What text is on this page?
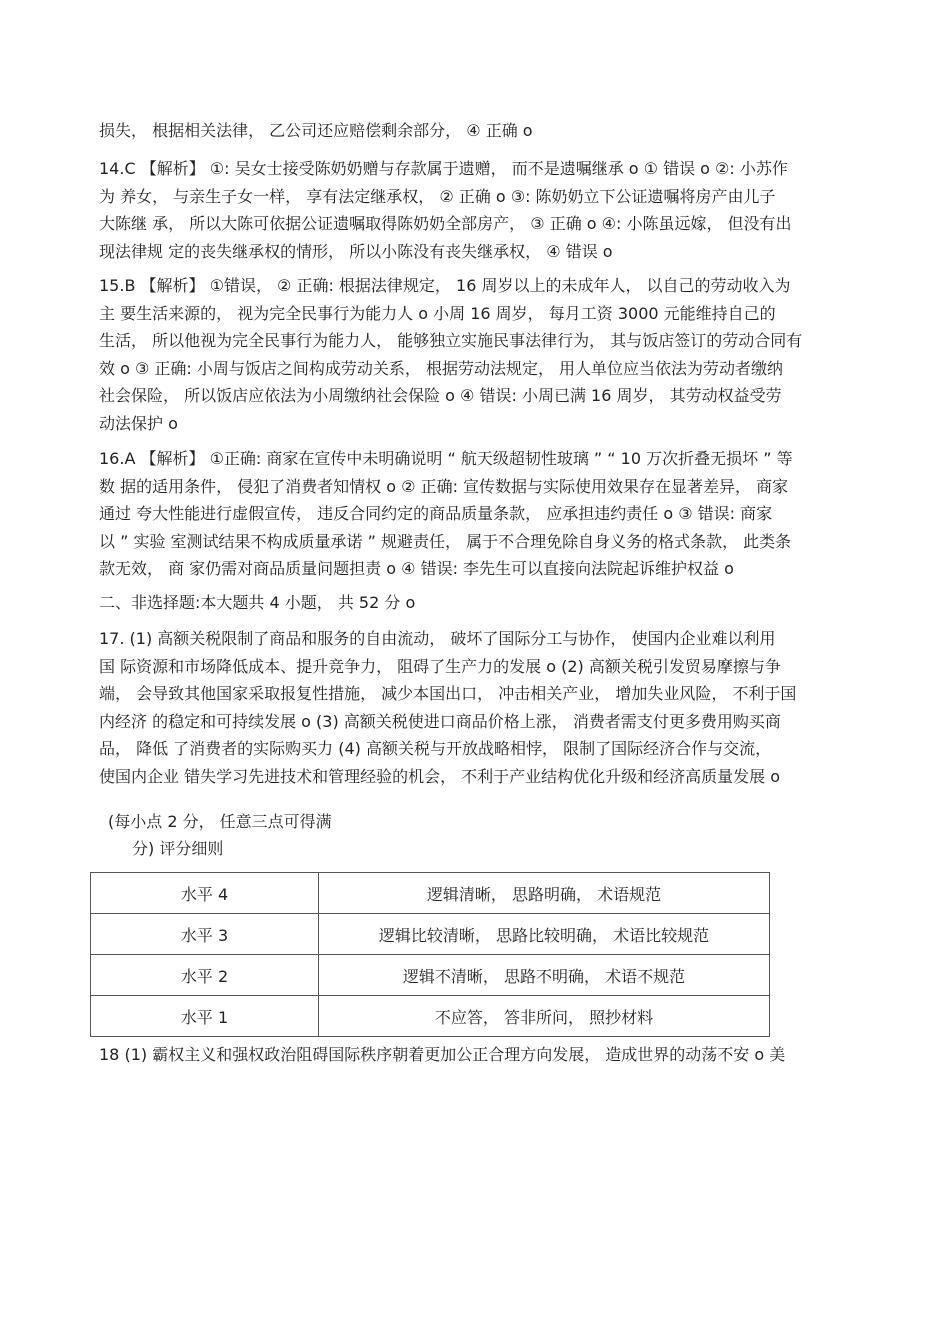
损失， 根据相关法律， 乙公司还应赔偿剩余部分， ④ 正确 o

14.C 【解析】 ①: 吴女士接受陈奶奶赠与存款属于遗赠， 而不是遗嘱继承 o ① 错误 o ②: 小苏作
为 养女， 与亲生子女一样， 享有法定继承权， ② 正确 o ③: 陈奶奶立下公证遗嘱将房产由儿子
大陈继 承， 所以大陈可依据公证遗嘱取得陈奶奶全部房产， ③ 正确 o ④: 小陈虽远嫁， 但没有出
现法律规 定的丧失继承权的情形， 所以小陈没有丧失继承权， ④ 错误 o

15.B 【解析】 ①错误， ② 正确: 根据法律规定， 16 周岁以上的未成年人， 以自己的劳动收入为
主 要生活来源的， 视为完全民事行为能力人 o 小周 16 周岁， 每月工资 3000 元能维持自己的
生活， 所以他视为完全民事行为能力人， 能够独立实施民事法律行为， 其与饭店签订的劳动合同有
效 o ③ 正确: 小周与饭店之间构成劳动关系， 根据劳动法规定， 用人单位应当依法为劳动者缴纳
社会保险， 所以饭店应依法为小周缴纳社会保险 o ④ 错误: 小周已满 16 周岁， 其劳动权益受劳
动法保护 o

16.A 【解析】 ①正确: 商家在宣传中未明确说明 “ 航天级超韧性玻璃 ” “ 10 万次折叠无损坏 ” 等
数 据的适用条件， 侵犯了消费者知情权 o ② 正确: 宣传数据与实际使用效果存在显著差异， 商家
通过 夸大性能进行虚假宣传， 违反合同约定的商品质量条款， 应承担违约责任 o ③ 错误: 商家
以 ” 实验 室测试结果不构成质量承诺 ” 规避责任， 属于不合理免除自身义务的格式条款， 此类条
款无效， 商 家仍需对商品质量问题担责 o ④ 错误: 李先生可以直接向法院起诉维护权益 o

二、非选择题:本大题共 4 小题， 共 52 分 o

17. (1) 高额关税限制了商品和服务的自由流动， 破坏了国际分工与协作， 使国内企业难以利用
国 际资源和市场降低成本、提升竞争力， 阻碍了生产力的发展 o (2) 高额关税引发贸易摩擦与争
端， 会导致其他国家采取报复性措施， 减少本国出口， 冲击相关产业， 增加失业风险， 不利于国
内经济 的稳定和可持续发展 o (3) 高额关税使进口商品价格上涨， 消费者需支付更多费用购买商
品， 降低 了消费者的实际购买力 (4) 高额关税与开放战略相悖， 限制了国际经济合作与交流，
使国内企业 错失学习先进技术和管理经验的机会， 不利于产业结构优化升级和经济高质量发展 o

(每小点 2 分， 任意三点可得满
分) 评分细则

水平 4	逻辑清晰， 思路明确， 术语规范
水平 3	逻辑比较清晰， 思路比较明确， 术语比较规范
水平 2	逻辑不清晰， 思路不明确， 术语不规范
水平 1	不应答， 答非所问， 照抄材料

18 (1) 霸权主义和强权政治阻碍国际秩序朝着更加公正合理方向发展， 造成世界的动荡不安 o 美
